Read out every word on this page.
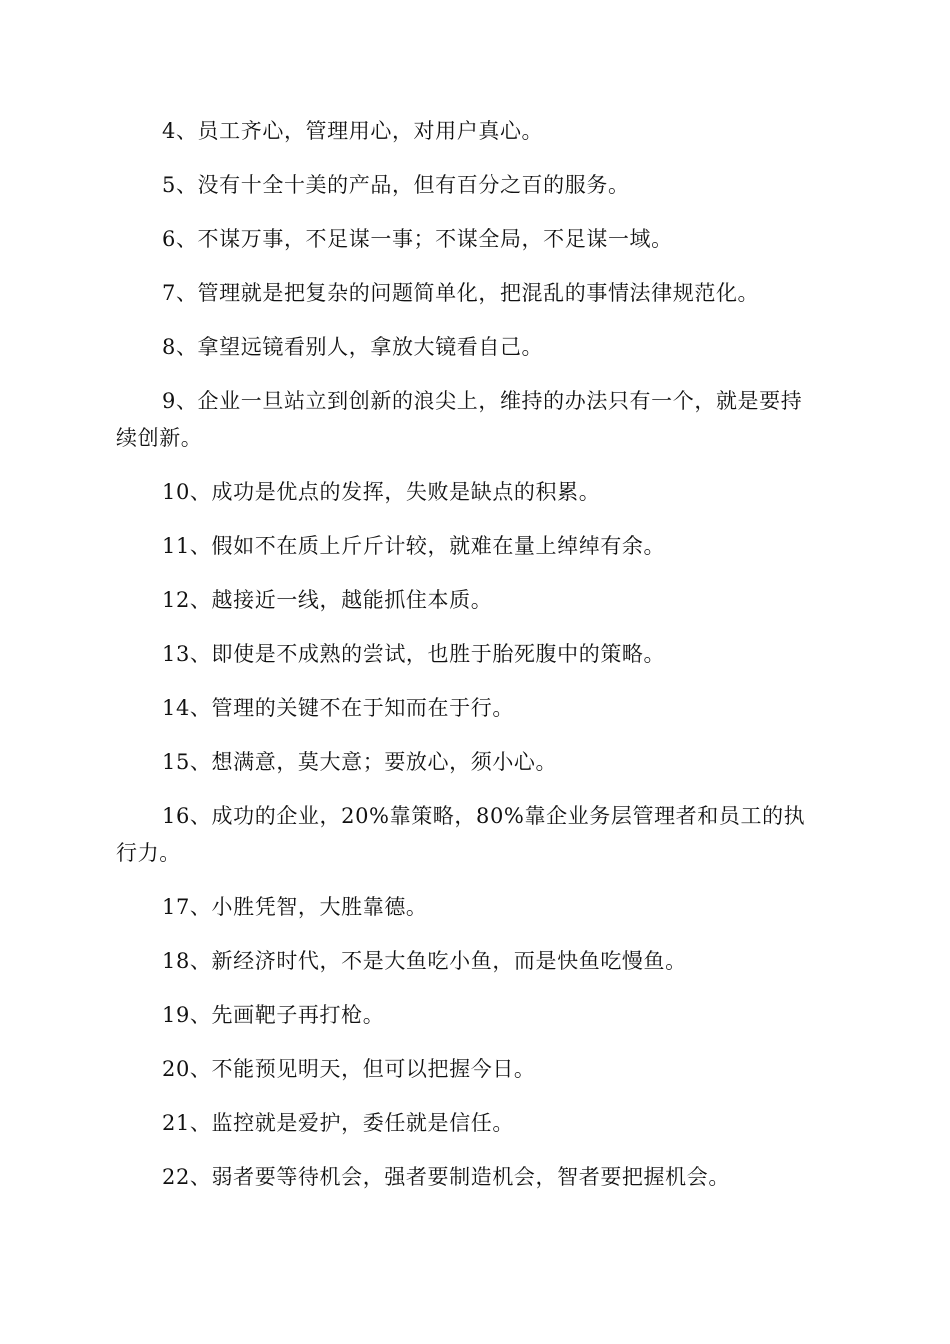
4、员工齐心，管理用心，对用户真心。

5、没有十全十美的产品，但有百分之百的服务。

6、不谋万事，不足谋一事；不谋全局，不足谋一域。

7、管理就是把复杂的问题简单化，把混乱的事情法律规范化。

8、拿望远镜看别人，拿放大镜看自己。

9、企业一旦站立到创新的浪尖上，维持的办法只有一个，就是要持续创新。

10、成功是优点的发挥，失败是缺点的积累。

11、假如不在质上斤斤计较，就难在量上绰绰有余。

12、越接近一线，越能抓住本质。

13、即使是不成熟的尝试，也胜于胎死腹中的策略。

14、管理的关键不在于知而在于行。

15、想满意，莫大意；要放心，须小心。

16、成功的企业，20%靠策略，80%靠企业务层管理者和员工的执行力。

17、小胜凭智，大胜靠德。

18、新经济时代，不是大鱼吃小鱼，而是快鱼吃慢鱼。

19、先画靶子再打枪。

20、不能预见明天，但可以把握今日。

21、监控就是爱护，委任就是信任。

22、弱者要等待机会，强者要制造机会，智者要把握机会。
